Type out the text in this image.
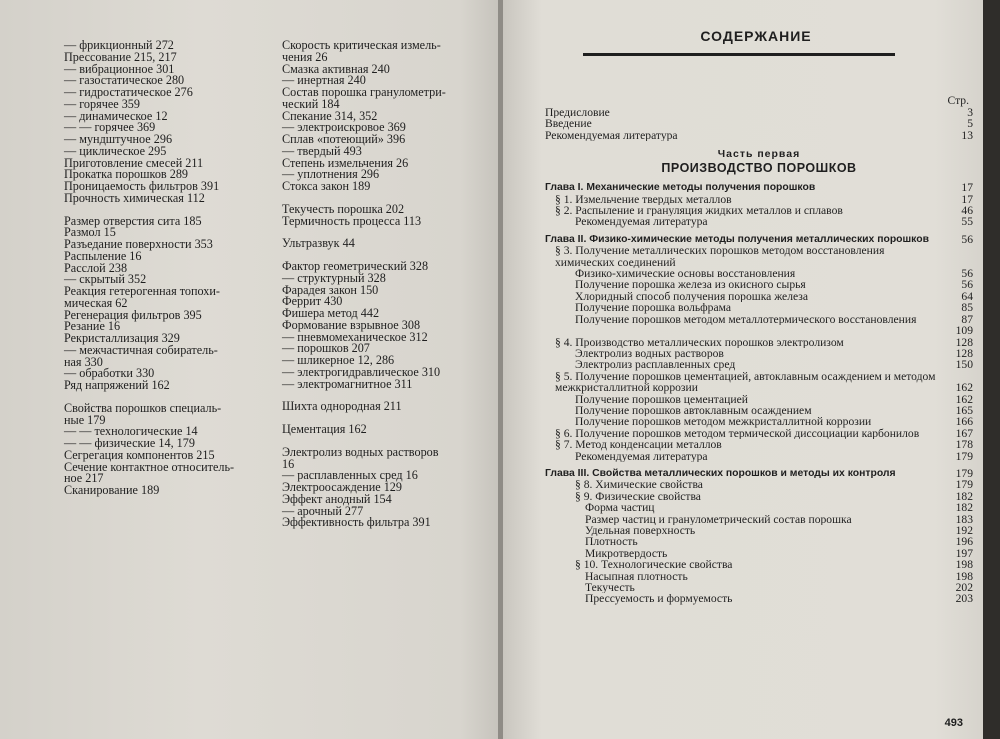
— фрикционный 272
Прессование 215, 217
— вибрационное 301
— газостатическое 280
— гидростатическое 276
— горячее 359
— динамическое 12
— — горячее 369
— мундштучное 296
— циклическое 295
Приготовление смесей 211
Прокатка порошков 289
Проницаемость фильтров 391
Прочность химическая 112
Размер отверстия сита 185
Размол 15
Разъедание поверхности 353
Распыление 16
Расслой 238
— скрытый 352
Реакция гетерогенная топохи-
мическая 62
Регенерация фильтров 395
Резание 16
Рекристаллизация 329
— межчастичная собиратель-
ная 330
— обработки 330
Ряд напряжений 162
Свойства порошков специаль-
ные 179
— — технологические 14
— — физические 14, 179
Сегрегация компонентов 215
Сечение контактное относитель-
ное 217
Сканирование 189
Скорость критическая измель-
чения 26
Смазка активная 240
— инертная 240
Состав порошка гранулометри-
ческий 184
Спекание 314, 352
— электроискровое 369
Сплав «потеющий» 396
— твердый 493
Степень измельчения 26
— уплотнения 296
Стокса закон 189
Текучесть порошка 202
Термичность процесса 113
Ультразвук 44
Фактор геометрический 328
— структурный 328
Фарадея закон 150
Феррит 430
Фишера метод 442
Формование взрывное 308
— пневмомеханическое 312
— порошков 207
— шликерное 12, 286
— электрогидравлическое 310
— электромагнитное 311
Шихта однородная 211
Цементация 162
Электролиз водных растворов
16
— расплавленных сред 16
Электроосаждение 129
Эффект анодный 154
— арочный 277
Эффективность фильтра 391
СОДЕРЖАНИЕ
Стр.
Предисловие	3
Введение	5
Рекомендуемая литература	13
Часть первая
ПРОИЗВОДСТВО ПОРОШКОВ
Глава I. Механические методы получения порошков	17
§ 1. Измельчение твердых металлов	17
§ 2. Распыление и грануляция жидких металлов и сплавов	46
Рекомендуемая литература	55
Глава II. Физико-химические методы получения металлических порошков	56
§ 3. Получение металлических порошков методом восстановления химических соединений
Физико-химические основы восстановления	56
Получение порошка железа из окисного сырья	56
Хлоридный способ получения порошка железа	64
Получение порошка вольфрама	85
Получение порошков методом металлотермического восстановления	87
109
§ 4. Производство металлических порошков электролизом	128
Электролиз водных растворов	128
Электролиз расплавленных сред	150
§ 5. Получение порошков цементацией, автоклавным осаждением и методом межкристаллитной коррозии	162
Получение порошков цементацией	162
Получение порошков автоклавным осаждением	165
Получение порошков методом межкристаллитной коррозии	166
§ 6. Получение порошков методом термической диссоциации карбонилов	167
§ 7. Метод конденсации металлов	178
Рекомендуемая литература	179
Глава III. Свойства металлических порошков и методы их контроля	179
§ 8. Химические свойства	179
§ 9. Физические свойства	182
Форма частиц	182
Размер частиц и гранулометрический состав порошка	183
Удельная поверхность	192
Плотность	196
Микротвердость	197
§ 10. Технологические свойства	198
Насыпная плотность	198
Текучесть	202
Прессуемость и формуемость	203
493
